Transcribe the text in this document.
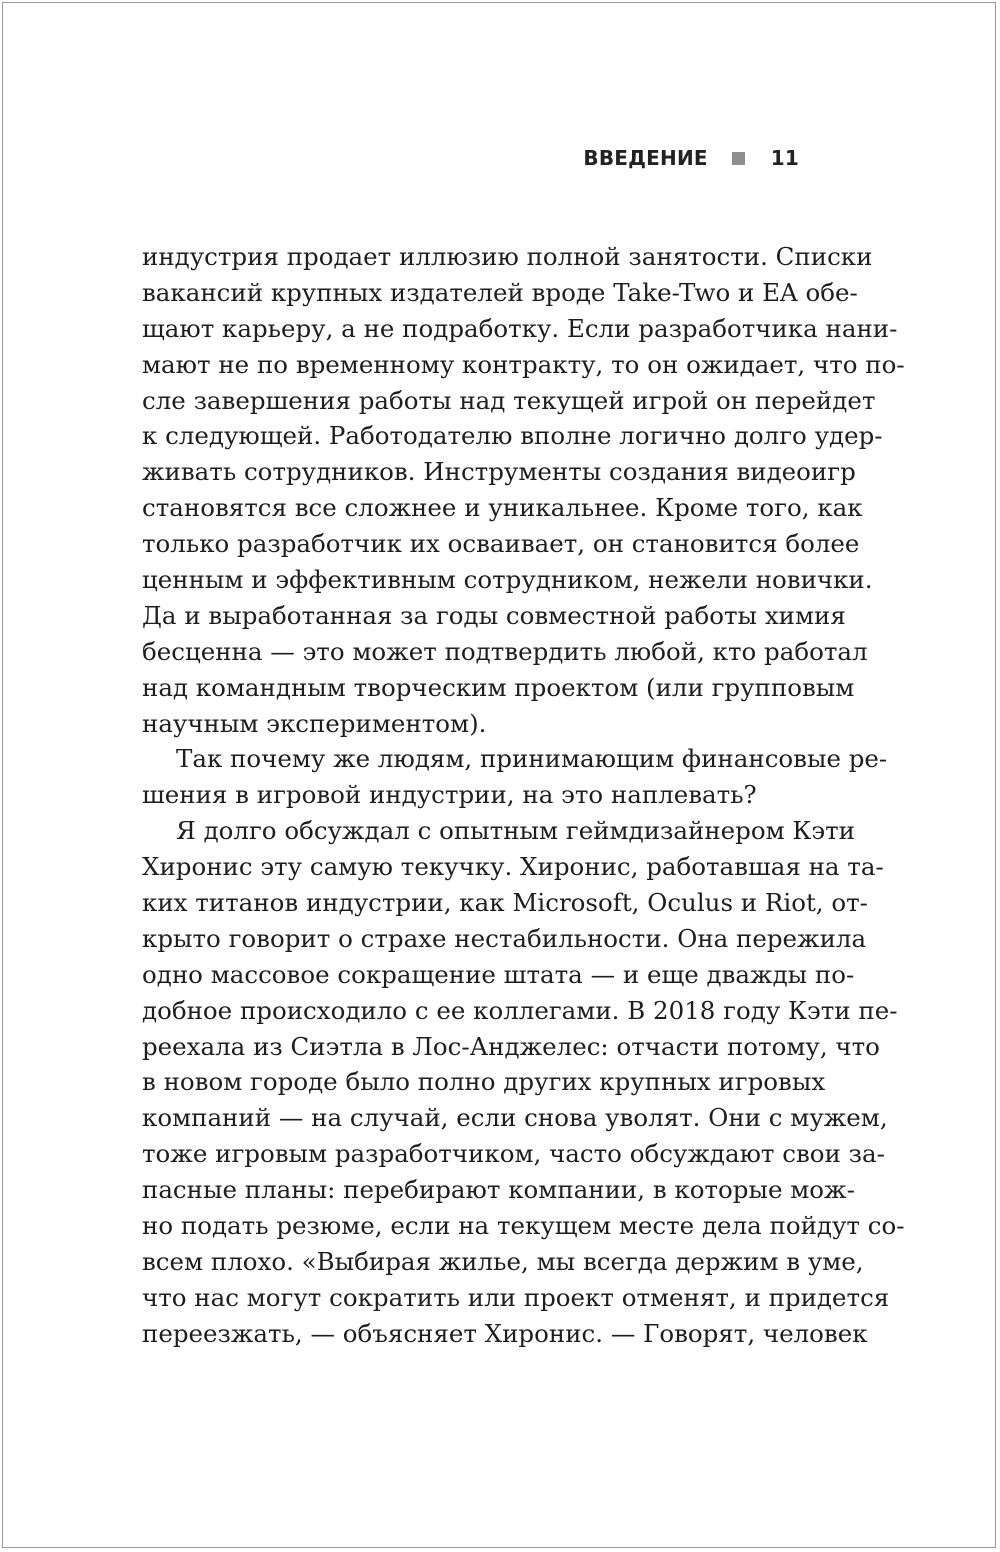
ВВЕДЕНИЕ	11
индустрия продает иллюзию полной занятости. Списки
вакансий крупных издателей вроде Take-Two и EA обе-
щают карьеру, а не подработку. Если разработчика нани-
мают не по временному контракту, то он ожидает, что по-
сле завершения работы над текущей игрой он перейдет
к следующей. Работодателю вполне логично долго удер-
живать сотрудников. Инструменты создания видеоигр
становятся все сложнее и уникальнее. Кроме того, как
только разработчик их осваивает, он становится более
ценным и эффективным сотрудником, нежели новички.
Да и выработанная за годы совместной работы химия
бесценна — это может подтвердить любой, кто работал
над командным творческим проектом (или групповым
научным экспериментом).
Так почему же людям, принимающим финансовые ре-
шения в игровой индустрии, на это наплевать?
Я долго обсуждал с опытным геймдизайнером Кэти
Хиронис эту самую текучку. Хиронис, работавшая на та-
ких титанов индустрии, как Microsoft, Oculus и Riot, от-
крыто говорит о страхе нестабильности. Она пережила
одно массовое сокращение штата — и еще дважды по-
добное происходило с ее коллегами. В 2018 году Кэти пе-
реехала из Сиэтла в Лос-Анджелес: отчасти потому, что
в новом городе было полно других крупных игровых
компаний — на случай, если снова уволят. Они с мужем,
тоже игровым разработчиком, часто обсуждают свои за-
пасные планы: перебирают компании, в которые мож-
но подать резюме, если на текущем месте дела пойдут со-
всем плохо. «Выбирая жилье, мы всегда держим в уме,
что нас могут сократить или проект отменят, и придется
переезжать, — объясняет Хиронис. — Говорят, человек
